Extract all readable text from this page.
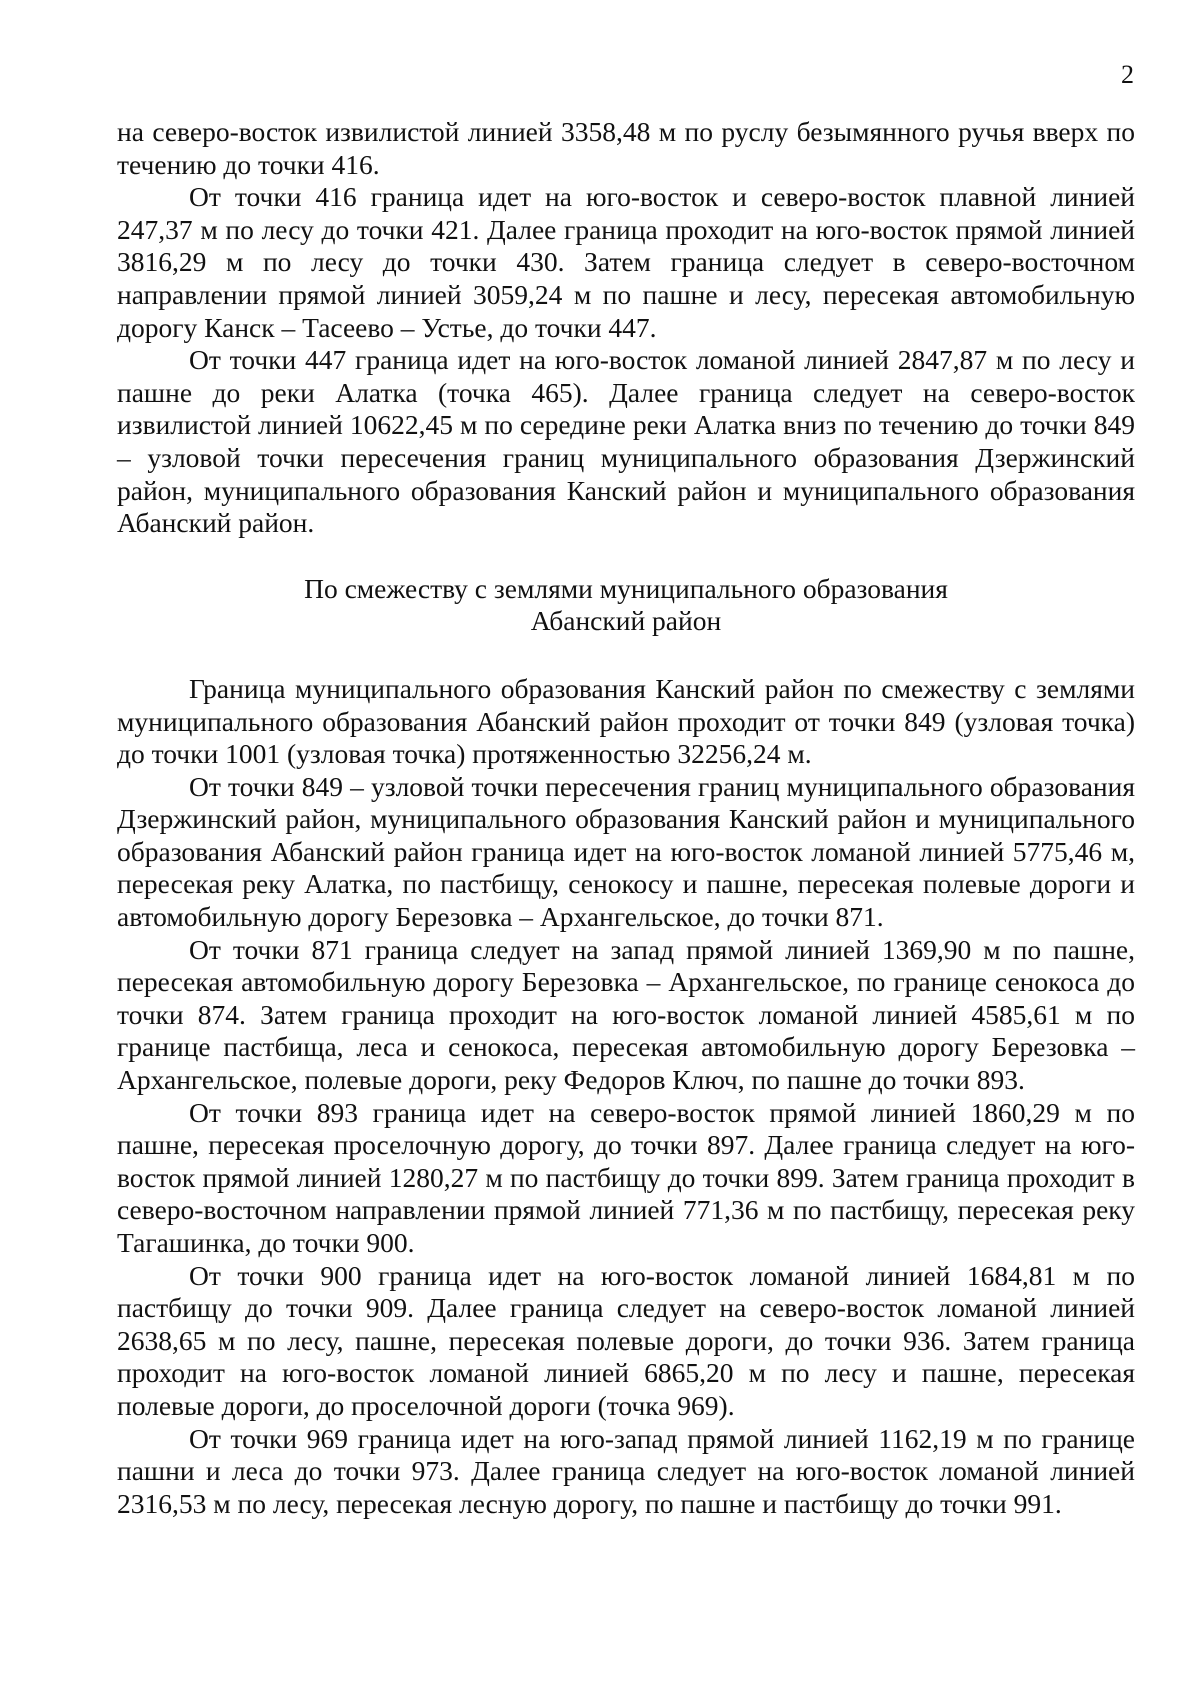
2

на северо-восток извилистой линией 3358,48 м по руслу безымянного ручья вверх по течению до точки 416.

От точки 416 граница идет на юго-восток и северо-восток плавной линией 247,37 м по лесу до точки 421. Далее граница проходит на юго-восток прямой линией 3816,29 м по лесу до точки 430. Затем граница следует в северо-восточном направлении прямой линией 3059,24 м по пашне и лесу, пересекая автомобильную дорогу Канск – Тасеево – Устье, до точки 447.

От точки 447 граница идет на юго-восток ломаной линией 2847,87 м по лесу и пашне до реки Алатка (точка 465). Далее граница следует на северо-восток извилистой линией 10622,45 м по середине реки Алатка вниз по течению до точки 849 – узловой точки пересечения границ муниципального образования Дзержинский район, муниципального образования Канский район и муниципального образования Абанский район.

По смежеству с землями муниципального образования
Абанский район

Граница муниципального образования Канский район по смежеству с землями муниципального образования Абанский район проходит от точки 849 (узловая точка) до точки 1001 (узловая точка) протяженностью 32256,24 м.

От точки 849 – узловой точки пересечения границ муниципального образования Дзержинский район, муниципального образования Канский район и муниципального образования Абанский район граница идет на юго-восток ломаной линией 5775,46 м, пересекая реку Алатка, по пастбищу, сенокосу и пашне, пересекая полевые дороги и автомобильную дорогу Березовка – Архангельское, до точки 871.

От точки 871 граница следует на запад прямой линией 1369,90 м по пашне, пересекая автомобильную дорогу Березовка – Архангельское, по границе сенокоса до точки 874. Затем граница проходит на юго-восток ломаной линией 4585,61 м по границе пастбища, леса и сенокоса, пересекая автомобильную дорогу Березовка – Архангельское, полевые дороги, реку Федоров Ключ, по пашне до точки 893.

От точки 893 граница идет на северо-восток прямой линией 1860,29 м по пашне, пересекая проселочную дорогу, до точки 897. Далее граница следует на юго-восток прямой линией 1280,27 м по пастбищу до точки 899. Затем граница проходит в северо-восточном направлении прямой линией 771,36 м по пастбищу, пересекая реку Тагашинка, до точки 900.

От точки 900 граница идет на юго-восток ломаной линией 1684,81 м по пастбищу до точки 909. Далее граница следует на северо-восток ломаной линией 2638,65 м по лесу, пашне, пересекая полевые дороги, до точки 936. Затем граница проходит на юго-восток ломаной линией 6865,20 м по лесу и пашне, пересекая полевые дороги, до проселочной дороги (точка 969).

От точки 969 граница идет на юго-запад прямой линией 1162,19 м по границе пашни и леса до точки 973. Далее граница следует на юго-восток ломаной линией 2316,53 м по лесу, пересекая лесную дорогу, по пашне и пастбищу до точки 991.
